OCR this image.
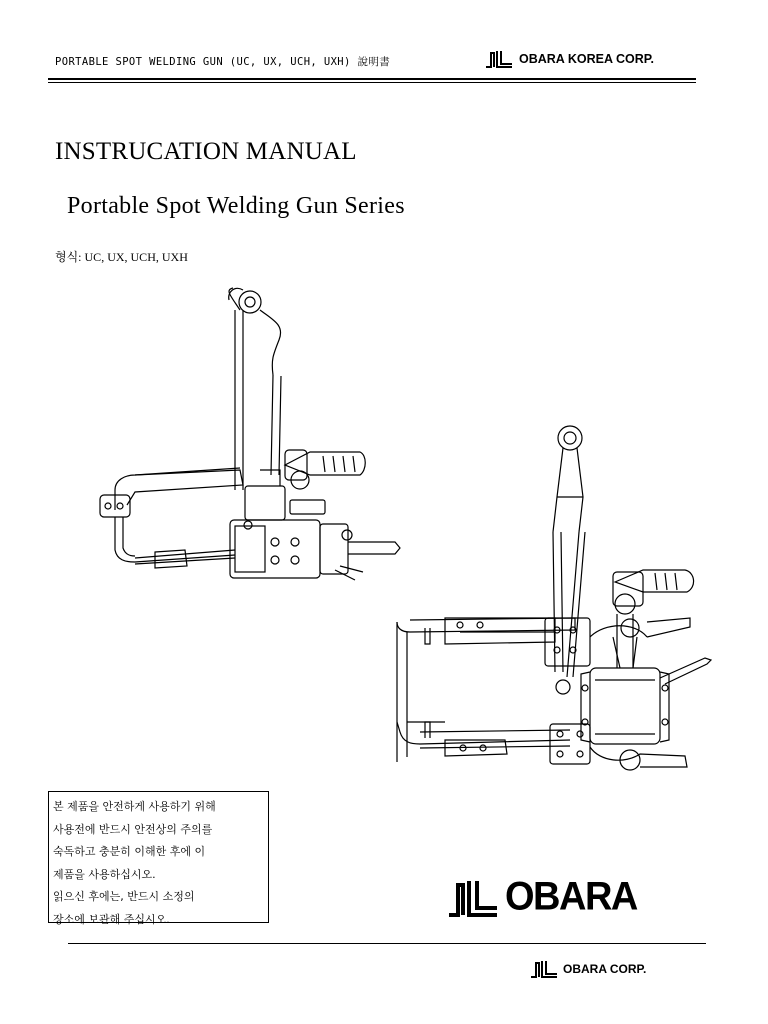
PORTABLE SPOT WELDING GUN (UC, UX, UCH, UXH) 說明書	OBARA KOREA CORP.
INSTRUCATION MANUAL
Portable Spot Welding Gun Series
형식: UC, UX, UCH, UXH
본 제품을 안전하게 사용하기 위해
사용전에 반드시 안전상의 주의를
숙독하고 충분히 이해한 후에 이
제품을 사용하십시오.
읽으신 후에는, 반드시 소정의
장소에 보관해 주십시오.	OBARA
OBARA CORP.
